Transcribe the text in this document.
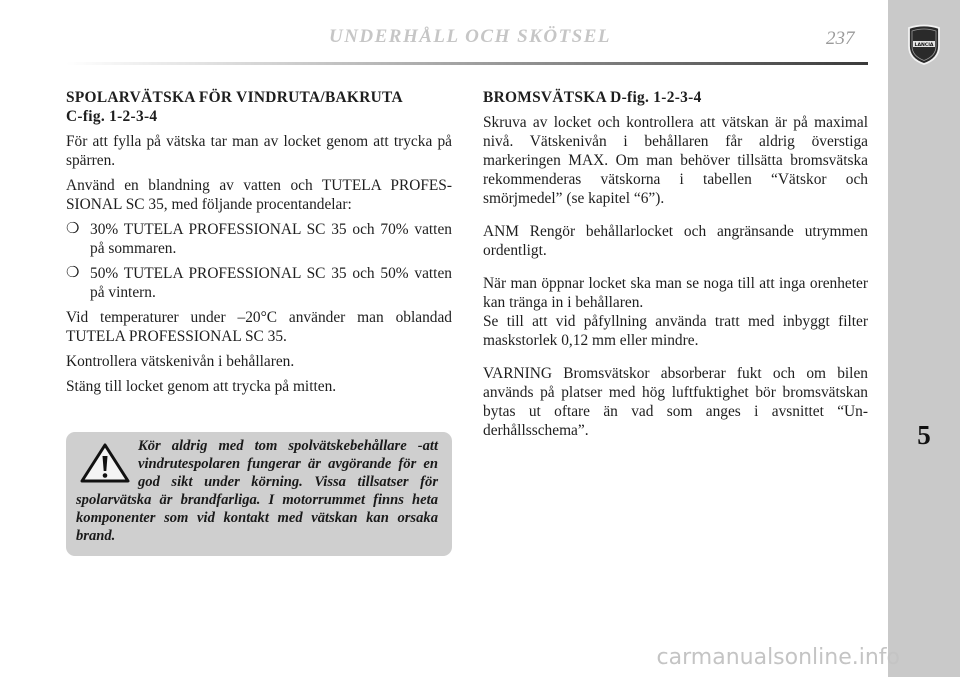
UNDERHÅLL OCH SKÖTSEL	237	LANCIA
5
SPOLARVÄTSKA FÖR VINDRUTA/BAKRUTA
C-fig. 1-2-3-4

För att fylla på vätska tar man av locket genom att trycka på spärren.

Använd en blandning av vatten och TUTELA PROFESSIONAL SC 35, med följande procentandelar:

❍ 30% TUTELA PROFESSIONAL SC 35 och 70% vatten på sommaren.
❍ 50% TUTELA PROFESSIONAL SC 35 och 50% vatten på vintern.

Vid temperaturer under –20°C använder man oblandad TUTELA PROFESSIONAL SC 35.

Kontrollera vätskenivån i behållaren.

Stäng till locket genom att trycka på mitten.

Kör aldrig med tom spolvätskebehållare -att vindrutespolaren fungerar är avgörande för en god sikt under körning. Vissa tillsatser för spolarvätska är brandfarliga. I motorrummet finns heta komponenter som vid kontakt med vätskan kan orsaka brand.
BROMSVÄTSKA D-fig. 1-2-3-4

Skruva av locket och kontrollera att vätskan är på maximal nivå. Vätskenivån i behållaren får aldrig överstiga markeringen MAX. Om man behöver tillsätta bromsvätska rekommenderas vätskorna i tabellen “Vätskor och smörjmedel” (se kapitel “6”).

ANM Rengör behållarlocket och angränsande utrymmen ordentligt.

När man öppnar locket ska man se noga till att inga orenheter kan tränga in i behållaren.

Se till att vid påfyllning använda tratt med inbyggt filter maskstorlek 0,12 mm eller mindre.

VARNING Bromsvätskor absorberar fukt och om bilen används på platser med hög luftfuktighet bör bromsvätskan bytas ut oftare än vad som anges i avsnittet “Underhållsschema”.

carmanualsonline.info
